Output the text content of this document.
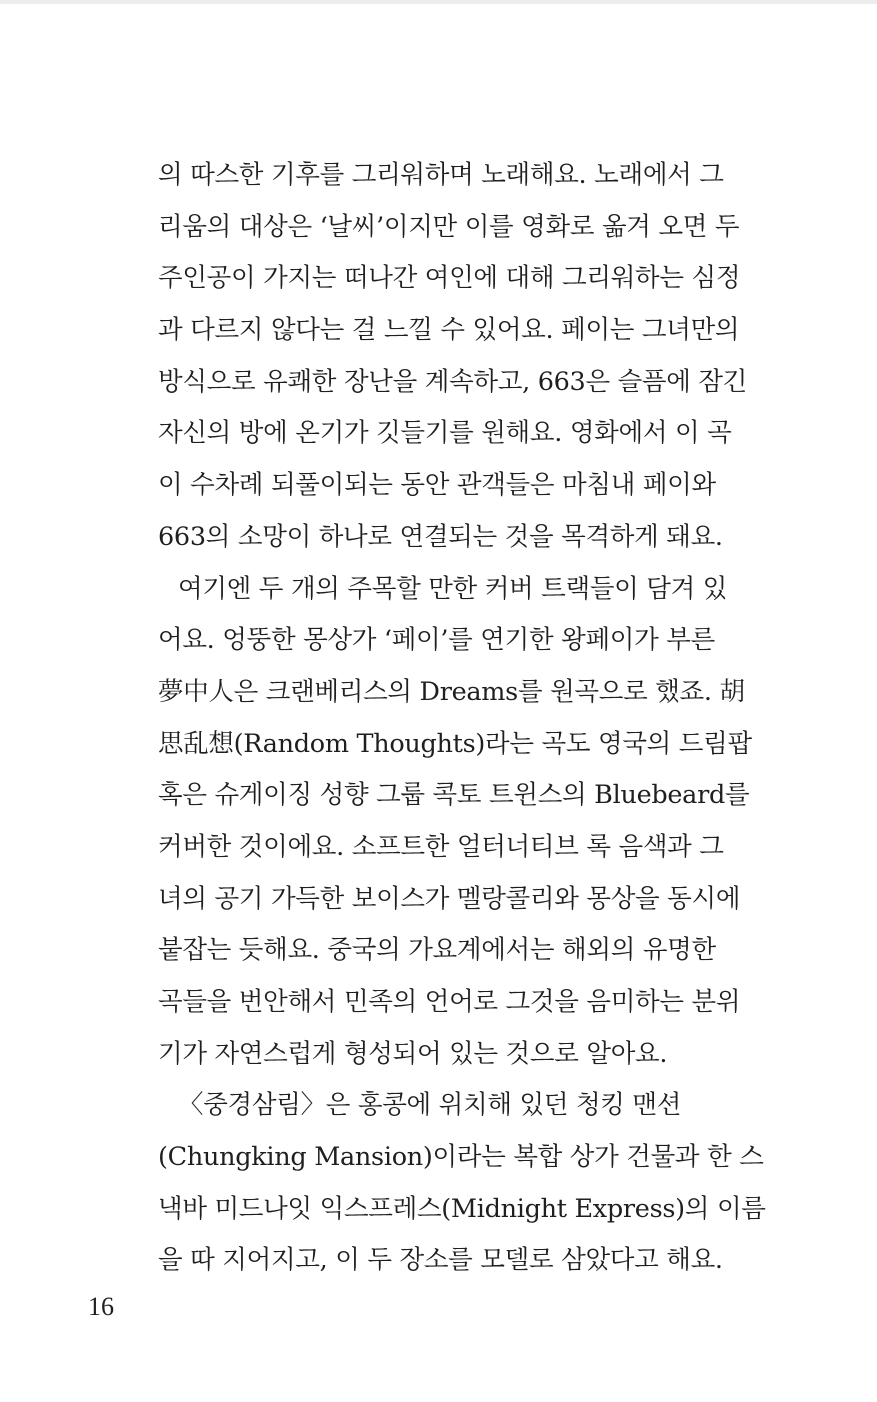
의 따스한 기후를 그리워하며 노래해요. 노래에서 그
리움의 대상은 ‘날씨’이지만 이를 영화로 옮겨 오면 두
주인공이 가지는 떠나간 여인에 대해 그리워하는 심정
과 다르지 않다는 걸 느낄 수 있어요. 페이는 그녀만의
방식으로 유쾌한 장난을 계속하고, 663은 슬픔에 잠긴
자신의 방에 온기가 깃들기를 원해요. 영화에서 이 곡
이 수차례 되풀이되는 동안 관객들은 마침내 페이와
663의 소망이 하나로 연결되는 것을 목격하게 돼요.
여기엔 두 개의 주목할 만한 커버 트랙들이 담겨 있
어요. 엉뚱한 몽상가 ‘페이’를 연기한 왕페이가 부른
夢中人은 크랜베리스의 Dreams를 원곡으로 했죠. 胡
思乱想(Random Thoughts)라는 곡도 영국의 드림팝
혹은 슈게이징 성향 그룹 콕토 트윈스의 Bluebeard를
커버한 것이에요. 소프트한 얼터너티브 록 음색과 그
녀의 공기 가득한 보이스가 멜랑콜리와 몽상을 동시에
붙잡는 듯해요. 중국의 가요계에서는 해외의 유명한
곡들을 번안해서 민족의 언어로 그것을 음미하는 분위
기가 자연스럽게 형성되어 있는 것으로 알아요.
〈중경삼림〉은 홍콩에 위치해 있던 청킹 맨션
(Chungking Mansion)이라는 복합 상가 건물과 한 스
낵바 미드나잇 익스프레스(Midnight Express)의 이름
을 따 지어지고, 이 두 장소를 모델로 삼았다고 해요.
16
